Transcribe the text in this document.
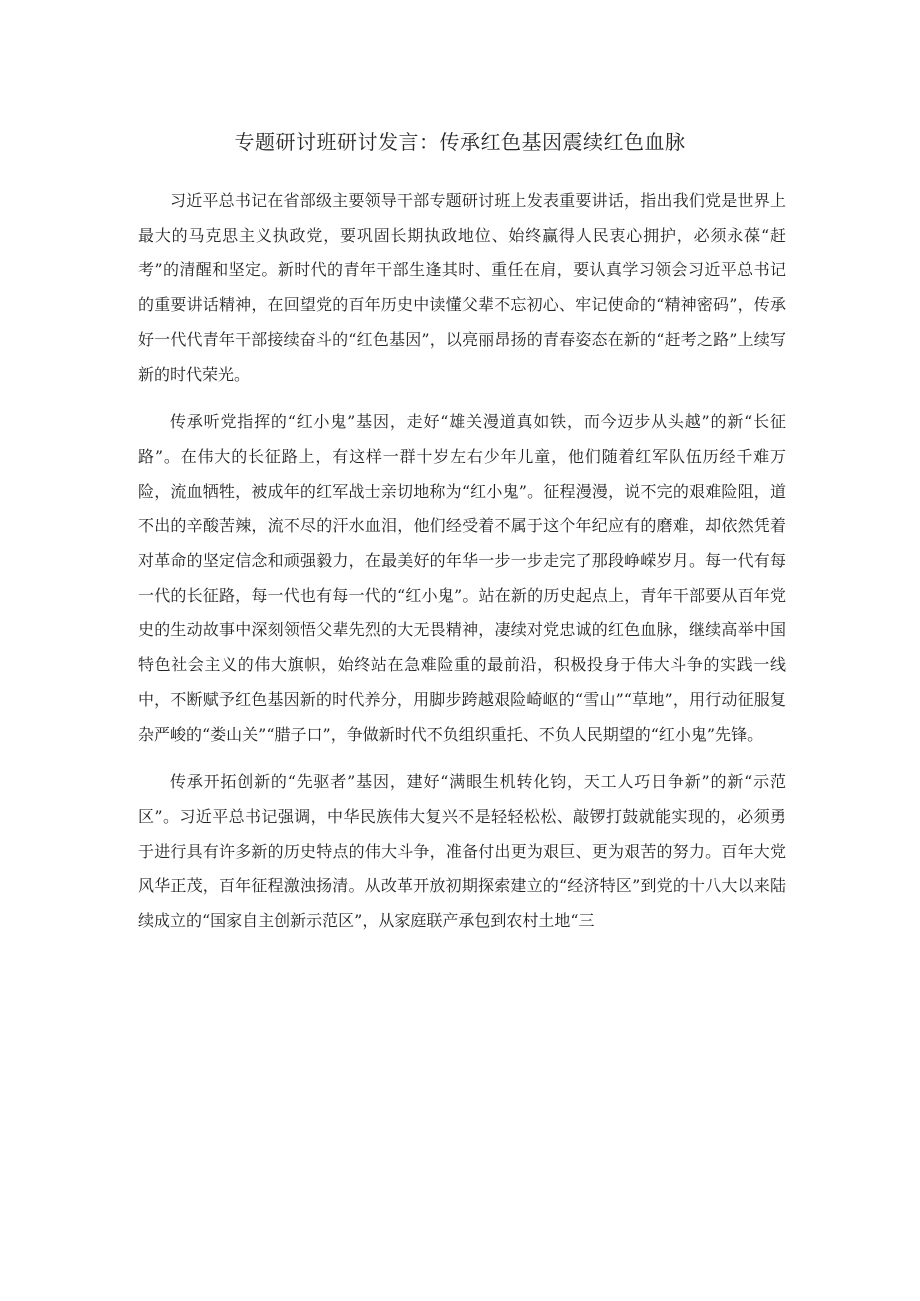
专题研讨班研讨发言：传承红色基因震续红色血脉

习近平总书记在省部级主要领导干部专题研讨班上发表重要讲话，指出我们党是世界上最大的马克思主义执政党，要巩固长期执政地位、始终赢得人民衷心拥护，必须永葆“赶考”的清醒和坚定。新时代的青年干部生逢其时、重任在肩，要认真学习领会习近平总书记的重要讲话精神，在回望党的百年历史中读懂父辈不忘初心、牢记使命的“精神密码”，传承好一代代青年干部接续奋斗的“红色基因”，以亮丽昂扬的青春姿态在新的“赶考之路”上续写新的时代荣光。

传承听党指挥的“红小鬼”基因，走好“雄关漫道真如铁，而今迈步从头越”的新“长征路”。在伟大的长征路上，有这样一群十岁左右少年儿童，他们随着红军队伍历经千难万险，流血牺牲，被成年的红军战士亲切地称为“红小鬼”。征程漫漫，说不完的艰难险阻，道不出的辛酸苦辣，流不尽的汗水血泪，他们经受着不属于这个年纪应有的磨难，却依然凭着对革命的坚定信念和顽强毅力，在最美好的年华一步一步走完了那段峥嵘岁月。每一代有每一代的长征路，每一代也有每一代的“红小鬼”。站在新的历史起点上，青年干部要从百年党史的生动故事中深刻领悟父辈先烈的大无畏精神，凄续对党忠诚的红色血脉，继续高举中国特色社会主义的伟大旗帜，始终站在急难险重的最前沿，积极投身于伟大斗争的实践一线中，不断赋予红色基因新的时代养分，用脚步跨越艰险崎岖的“雪山”“草地”，用行动征服复杂严峻的“娄山关”“腊子口”，争做新时代不负组织重托、不负人民期望的“红小鬼”先锋。

传承开拓创新的“先驱者”基因，建好“满眼生机转化钧，天工人巧日争新”的新“示范区”。习近平总书记强调，中华民族伟大复兴不是轻轻松松、敲锣打鼓就能实现的，必须勇于进行具有许多新的历史特点的伟大斗争，准备付出更为艰巨、更为艰苦的努力。百年大党风华正茂，百年征程激浊扬清。从改革开放初期探索建立的“经济特区”到党的十八大以来陆续成立的“国家自主创新示范区”，从家庭联产承包到农村土地“三
